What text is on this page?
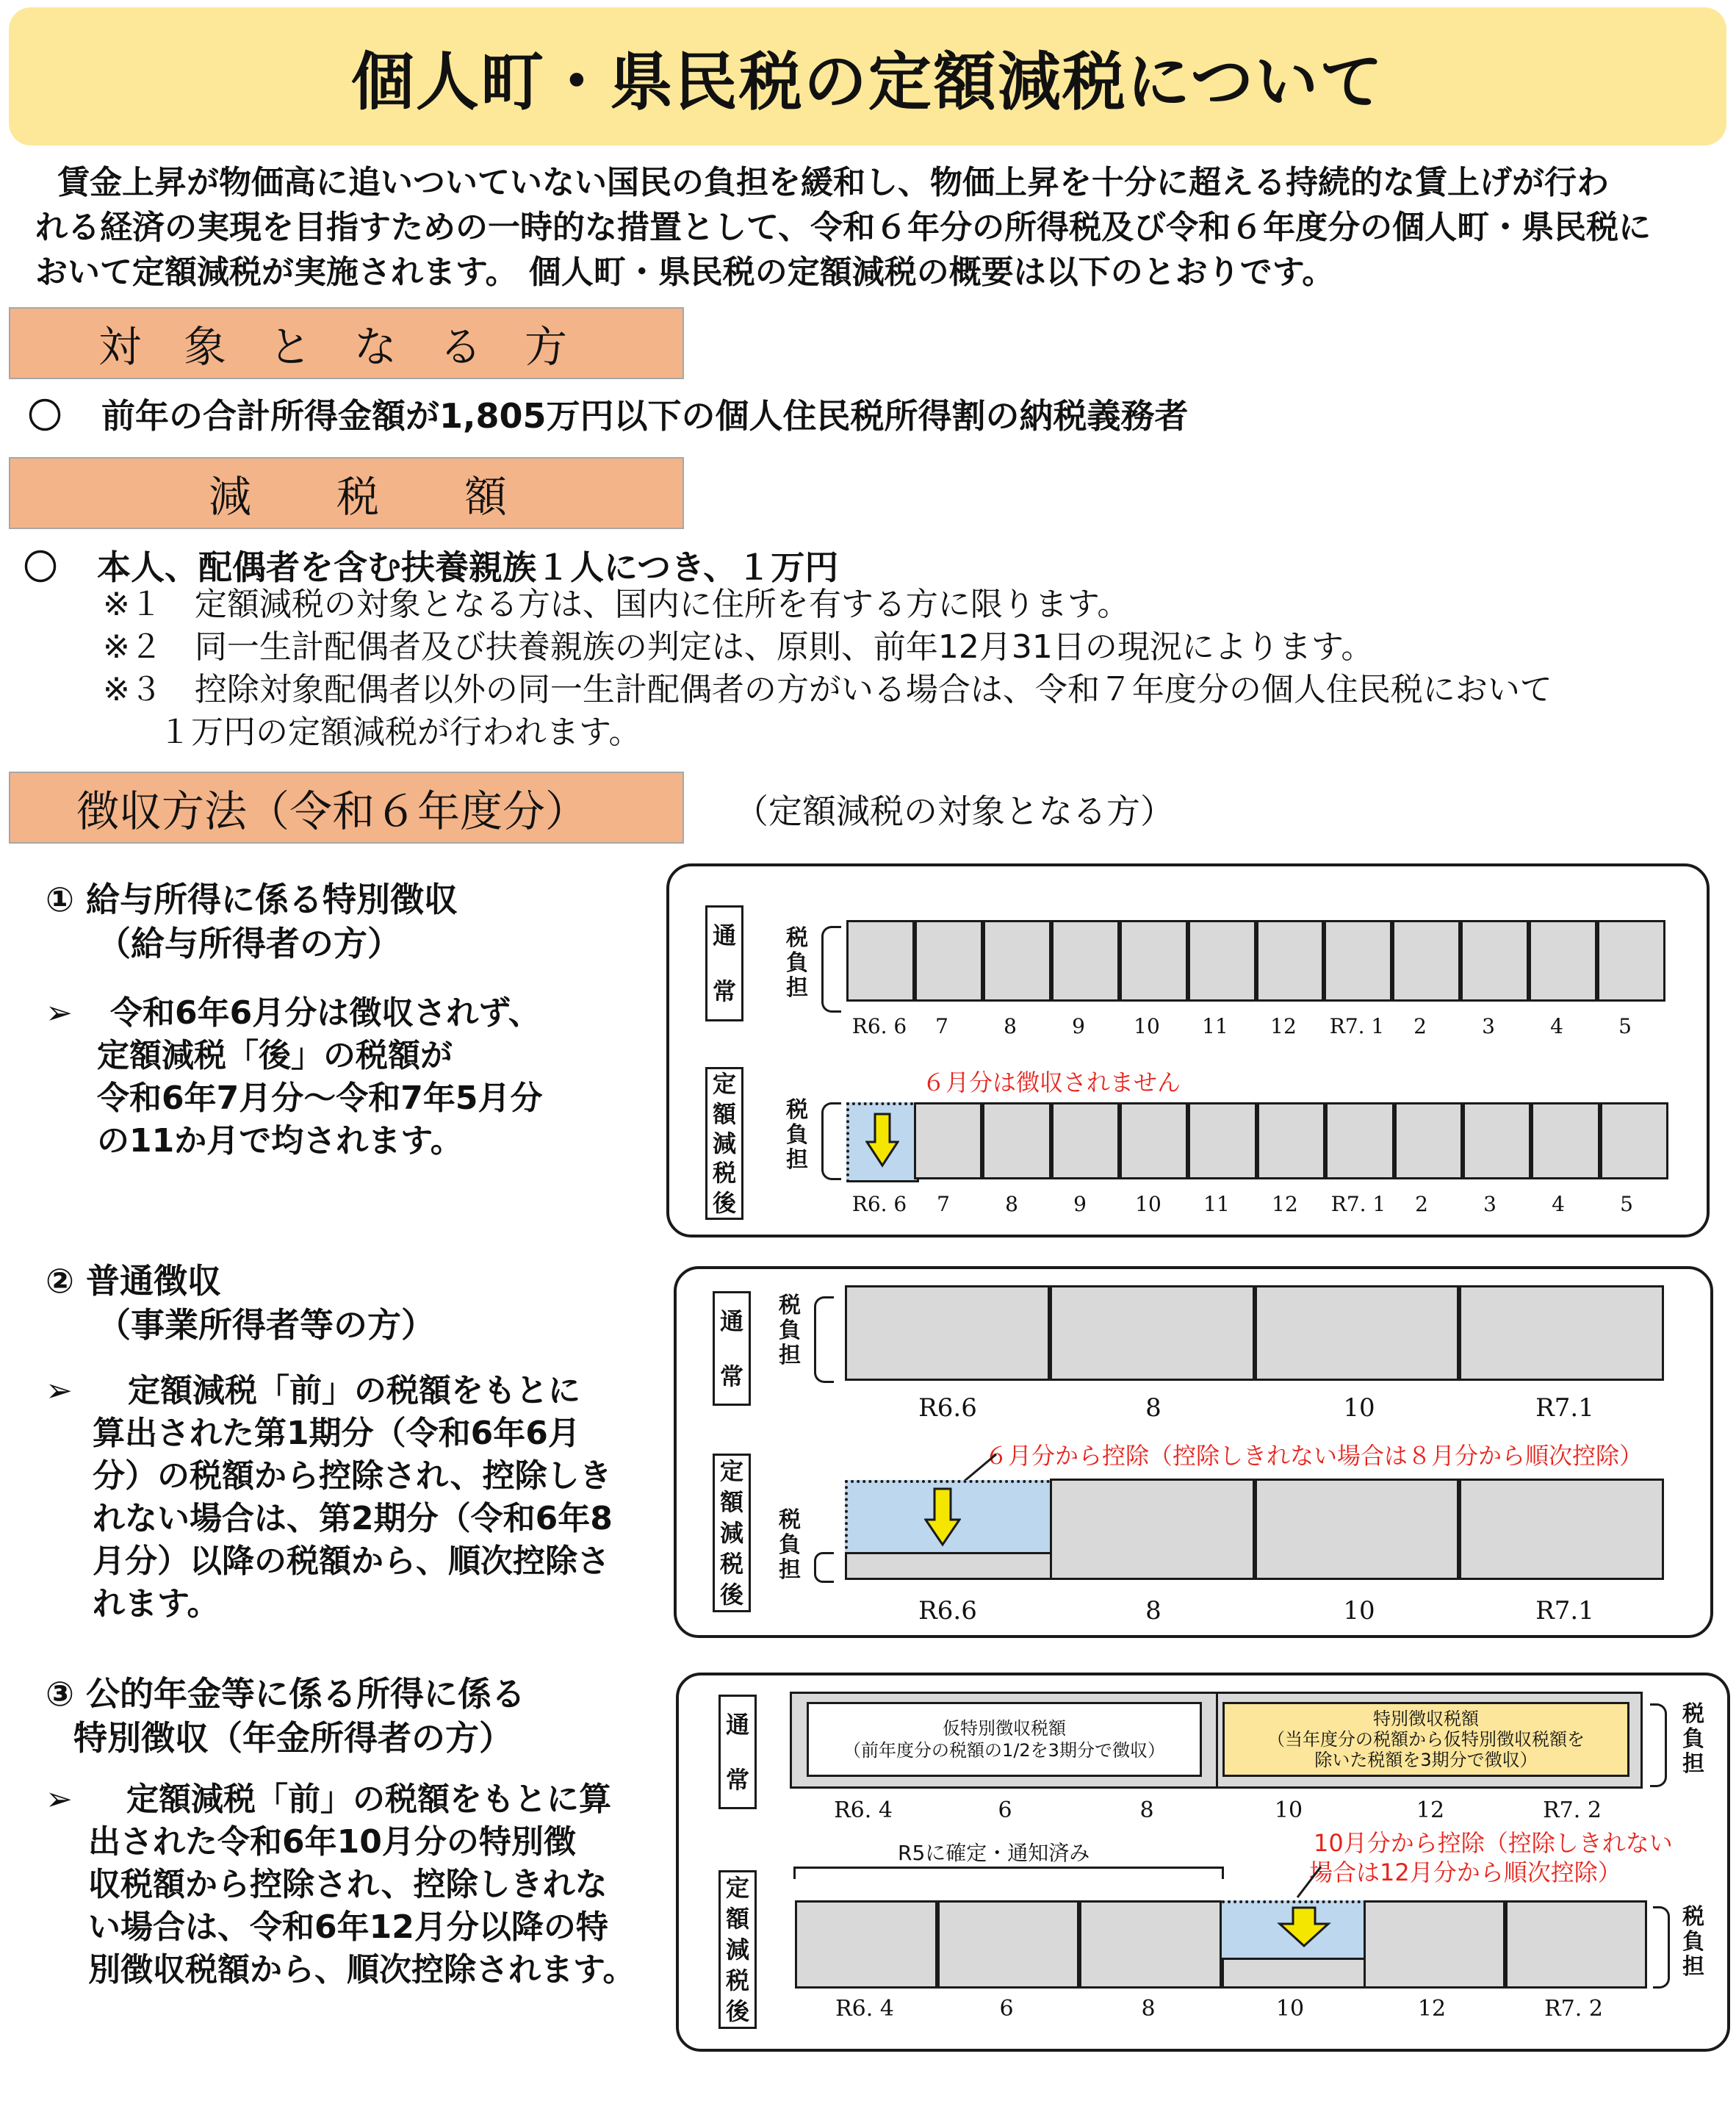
個人町・県民税の定額減税について

賃金上昇が物価高に追いついていない国民の負担を緩和し、物価上昇を十分に超える持続的な賃上げが行わ

れる経済の実現を目指すための一時的な措置として、令和６年分の所得税及び令和６年度分の個人町・県民税に

おいて定額減税が実施されます。 個人町・県民税の定額減税の概要は以下のとおりです。

対　象　と　な　る　方
〇 前年の合計所得金額が1,805万円以下の個人住民税所得割の納税義務者
減　　税　　額
〇 本人、配偶者を含む扶養親族１人につき、１万円
※１　定額減税の対象となる方は、国内に住所を有する方に限ります。
※２　同一生計配偶者及び扶養親族の判定は、原則、前年12月31日の現況によります。
※３　控除対象配偶者以外の同一生計配偶者の方がいる場合は、令和７年度分の個人住民税において
１万円の定額減税が行われます。
徴収方法（令和６年度分）	（定額減税の対象となる方）
① 給与所得に係る特別徴収
（給与所得者の方）
➢ 令和6年6月分は徴収されず、
定額減税「後」の税額が
令和6年7月分～令和7年5月分
の11か月で均されます。
通
常
税
負
担
R6. 6	7	8	9	10	11	12	R7. 1	2	3	4	5
定
額
減
税
後
税
負
担
６月分は徴収されません
R6. 6	7	8	9	10	11	12	R7. 1	2	3	4	5
② 普通徴収
（事業所得者等の方）
➢ 定額減税「前」の税額をもとに
算出された第1期分（令和6年6月
分）の税額から控除され、控除しき
れない場合は、第2期分（令和6年8
月分）以降の税額から、順次控除さ
れます。
通
常
税
負
担
R6.6	8	10	R7.1
定
額
減
税
後
税
負
担
６月分から控除（控除しきれない場合は８月分から順次控除）
R6.6	8	10	R7.1
③ 公的年金等に係る所得に係る
特別徴収（年金所得者の方）
➢ 定額減税「前」の税額をもとに算
出された令和6年10月分の特別徴
収税額から控除され、控除しきれな
い場合は、令和6年12月分以降の特
別徴収税額から、順次控除されます。
通
常
仮特別徴収税額
（前年度分の税額の1/2を3期分で徴収）
特別徴収税額
（当年度分の税額から仮特別徴収税額を
除いた税額を3期分で徴収）
税
負
担
R6. 4	6	8	10	12	R7. 2
定
額
減
税
後
R5に確定・通知済み	10月分から控除（控除しきれない
場合は12月分から順次控除）
税
負
担
R6. 4	6	8	10	12	R7. 2
